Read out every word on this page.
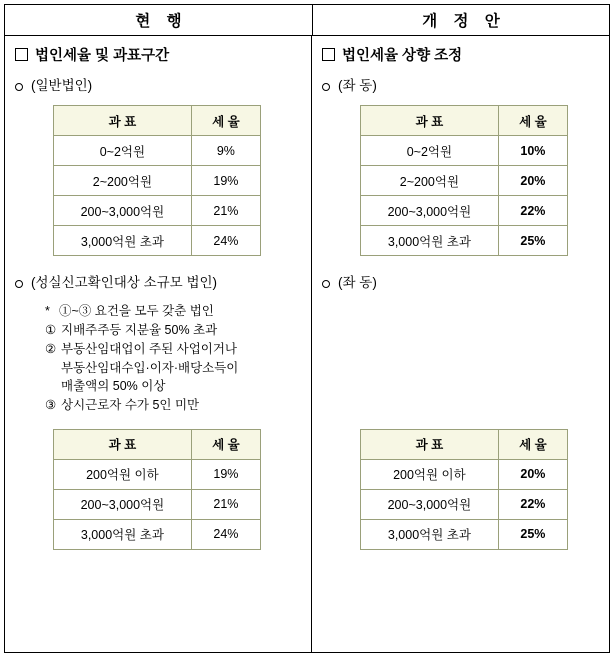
현 행	개 정 안
법인세율 및 과표구간
(일반법인)
과 표	세 율
0~2억원	9%
2~200억원	19%
200~3,000억원	21%
3,000억원 초과	24%
(성실신고확인대상 소규모 법인)
* ①~③ 요건을 모두 갖춘 법인
① 지배주주등 지분율 50% 초과
② 부동산임대업이 주된 사업이거나
부동산임대수입·이자·배당소득이
매출액의 50% 이상
③ 상시근로자 수가 5인 미만
과 표	세 율
200억원 이하	19%
200~3,000억원	21%
3,000억원 초과	24%
법인세율 상향 조정
(좌 동)
과 표	세 율
0~2억원	10%
2~200억원	20%
200~3,000억원	22%
3,000억원 초과	25%
(좌 동)
과 표	세 율
200억원 이하	20%
200~3,000억원	22%
3,000억원 초과	25%
